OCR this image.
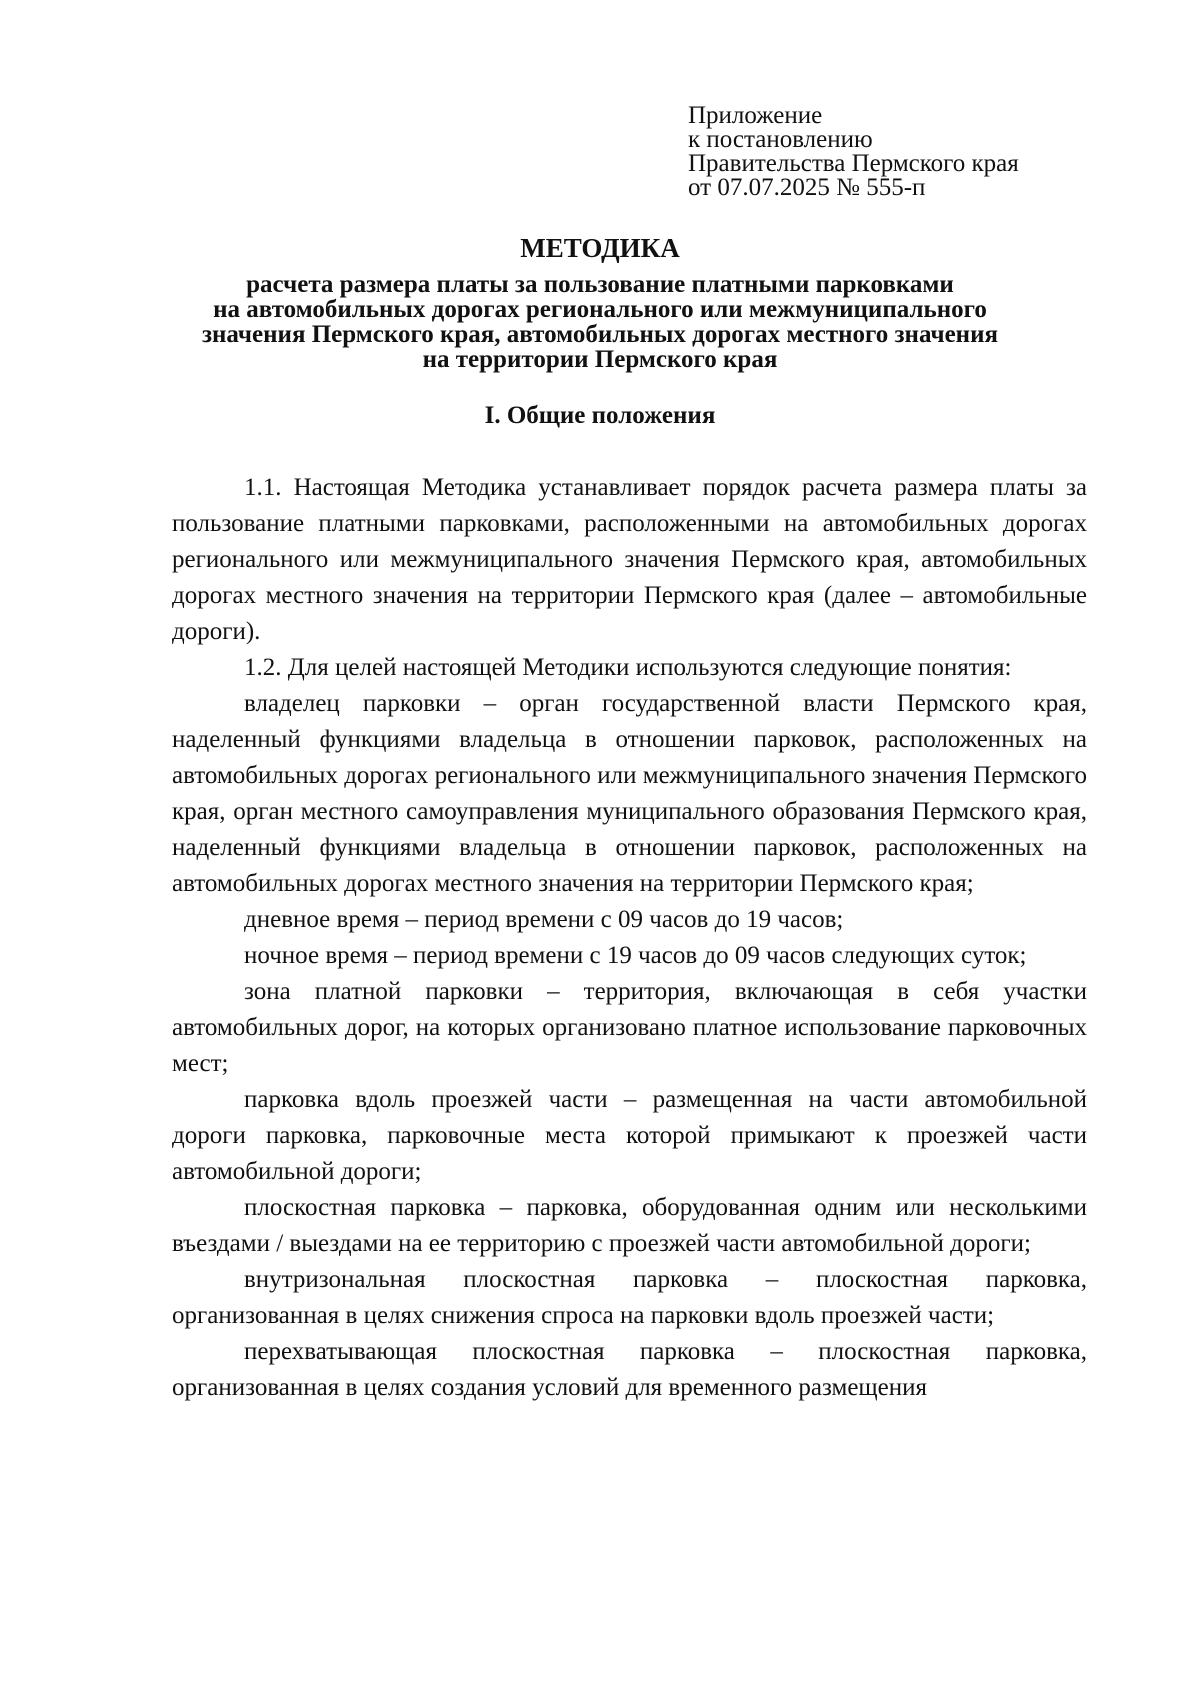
Приложение
к постановлению
Правительства Пермского края
от 07.07.2025 № 555-п
МЕТОДИКА
расчета размера платы за пользование платными парковками
на автомобильных дорогах регионального или межмуниципального
значения Пермского края, автомобильных дорогах местного значения
на территории Пермского края
I. Общие положения

1.1. Настоящая Методика устанавливает порядок расчета размера платы за пользование платными парковками, расположенными на автомобильных дорогах регионального или межмуниципального значения Пермского края, автомобильных дорогах местного значения на территории Пермского края (далее – автомобильные дороги).

1.2. Для целей настоящей Методики используются следующие понятия:

владелец парковки – орган государственной власти Пермского края, наделенный функциями владельца в отношении парковок, расположенных на автомобильных дорогах регионального или межмуниципального значения Пермского края, орган местного самоуправления муниципального образования Пермского края, наделенный функциями владельца в отношении парковок, расположенных на автомобильных дорогах местного значения на территории Пермского края;

дневное время – период времени с 09 часов до 19 часов;

ночное время – период времени с 19 часов до 09 часов следующих суток;

зона платной парковки – территория, включающая в себя участки автомобильных дорог, на которых организовано платное использование парковочных мест;

парковка вдоль проезжей части – размещенная на части автомобильной дороги парковка, парковочные места которой примыкают к проезжей части автомобильной дороги;

плоскостная парковка – парковка, оборудованная одним или несколькими въездами / выездами на ее территорию с проезжей части автомобильной дороги;

внутризональная плоскостная парковка – плоскостная парковка, организованная в целях снижения спроса на парковки вдоль проезжей части;

перехватывающая плоскостная парковка – плоскостная парковка, организованная в целях создания условий для временного размещения
